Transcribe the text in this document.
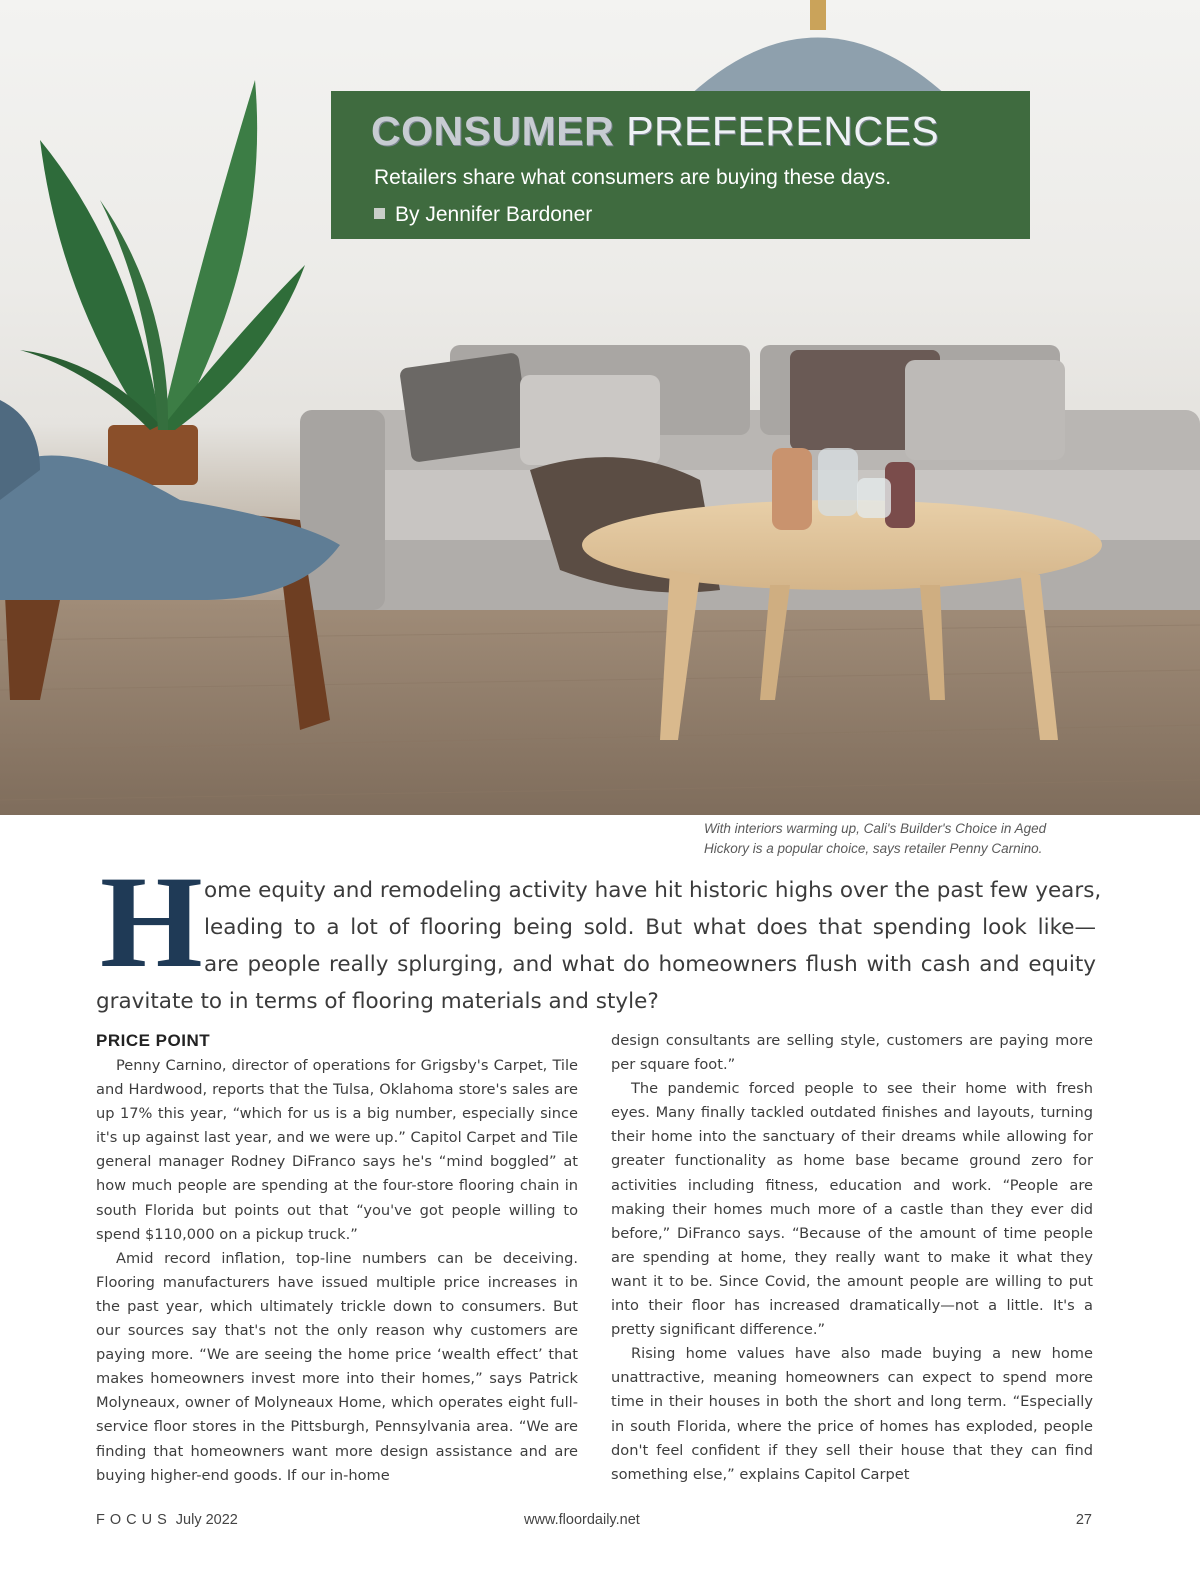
CONSUMER PREFERENCES

Retailers share what consumers are buying these days.

By Jennifer Bardoner

With interiors warming up, Cali's Builder's Choice in Aged
Hickory is a popular choice, says retailer Penny Carnino.

H ome equity and remodeling activity have hit historic highs over the past few years,
leading to a lot of flooring being sold. But what does that spending look like—
are people really splurging, and what do homeowners flush with cash and equity
gravitate to in terms of flooring materials and style?

PRICE POINT

Penny Carnino, director of operations for Grigsby's Carpet, Tile and Hardwood, reports that the Tulsa, Oklahoma store's sales are up 17% this year, “which for us is a big number, especially since it's up against last year, and we were up.” Capitol Carpet and Tile general manager Rodney DiFranco says he's “mind boggled” at how much people are spending at the four-store flooring chain in south Florida but points out that “you've got people willing to spend $110,000 on a pickup truck.”

Amid record inflation, top-line numbers can be deceiving. Flooring manufacturers have issued multiple price increases in the past year, which ultimately trickle down to consumers. But our sources say that's not the only reason why customers are paying more. “We are seeing the home price ‘wealth effect’ that makes homeowners invest more into their homes,” says Patrick Molyneaux, owner of Molyneaux Home, which operates eight full-service floor stores in the Pittsburgh, Pennsylvania area. “We are finding that homeowners want more design assistance and are buying higher-end goods. If our in-home

design consultants are selling style, customers are paying more per square foot.”

The pandemic forced people to see their home with fresh eyes. Many finally tackled outdated finishes and layouts, turning their home into the sanctuary of their dreams while allowing for greater functionality as home base became ground zero for activities including fitness, education and work. “People are making their homes much more of a castle than they ever did before,” DiFranco says. “Because of the amount of time people are spending at home, they really want to make it what they want it to be. Since Covid, the amount people are willing to put into their floor has increased dramatically—not a little. It's a pretty significant difference.”

Rising home values have also made buying a new home unattractive, meaning homeowners can expect to spend more time in their houses in both the short and long term. “Especially in south Florida, where the price of homes has exploded, people don't feel confident if they sell their house that they can find something else,” explains Capitol Carpet

FOCUS July 2022	www.floordaily.net	27
